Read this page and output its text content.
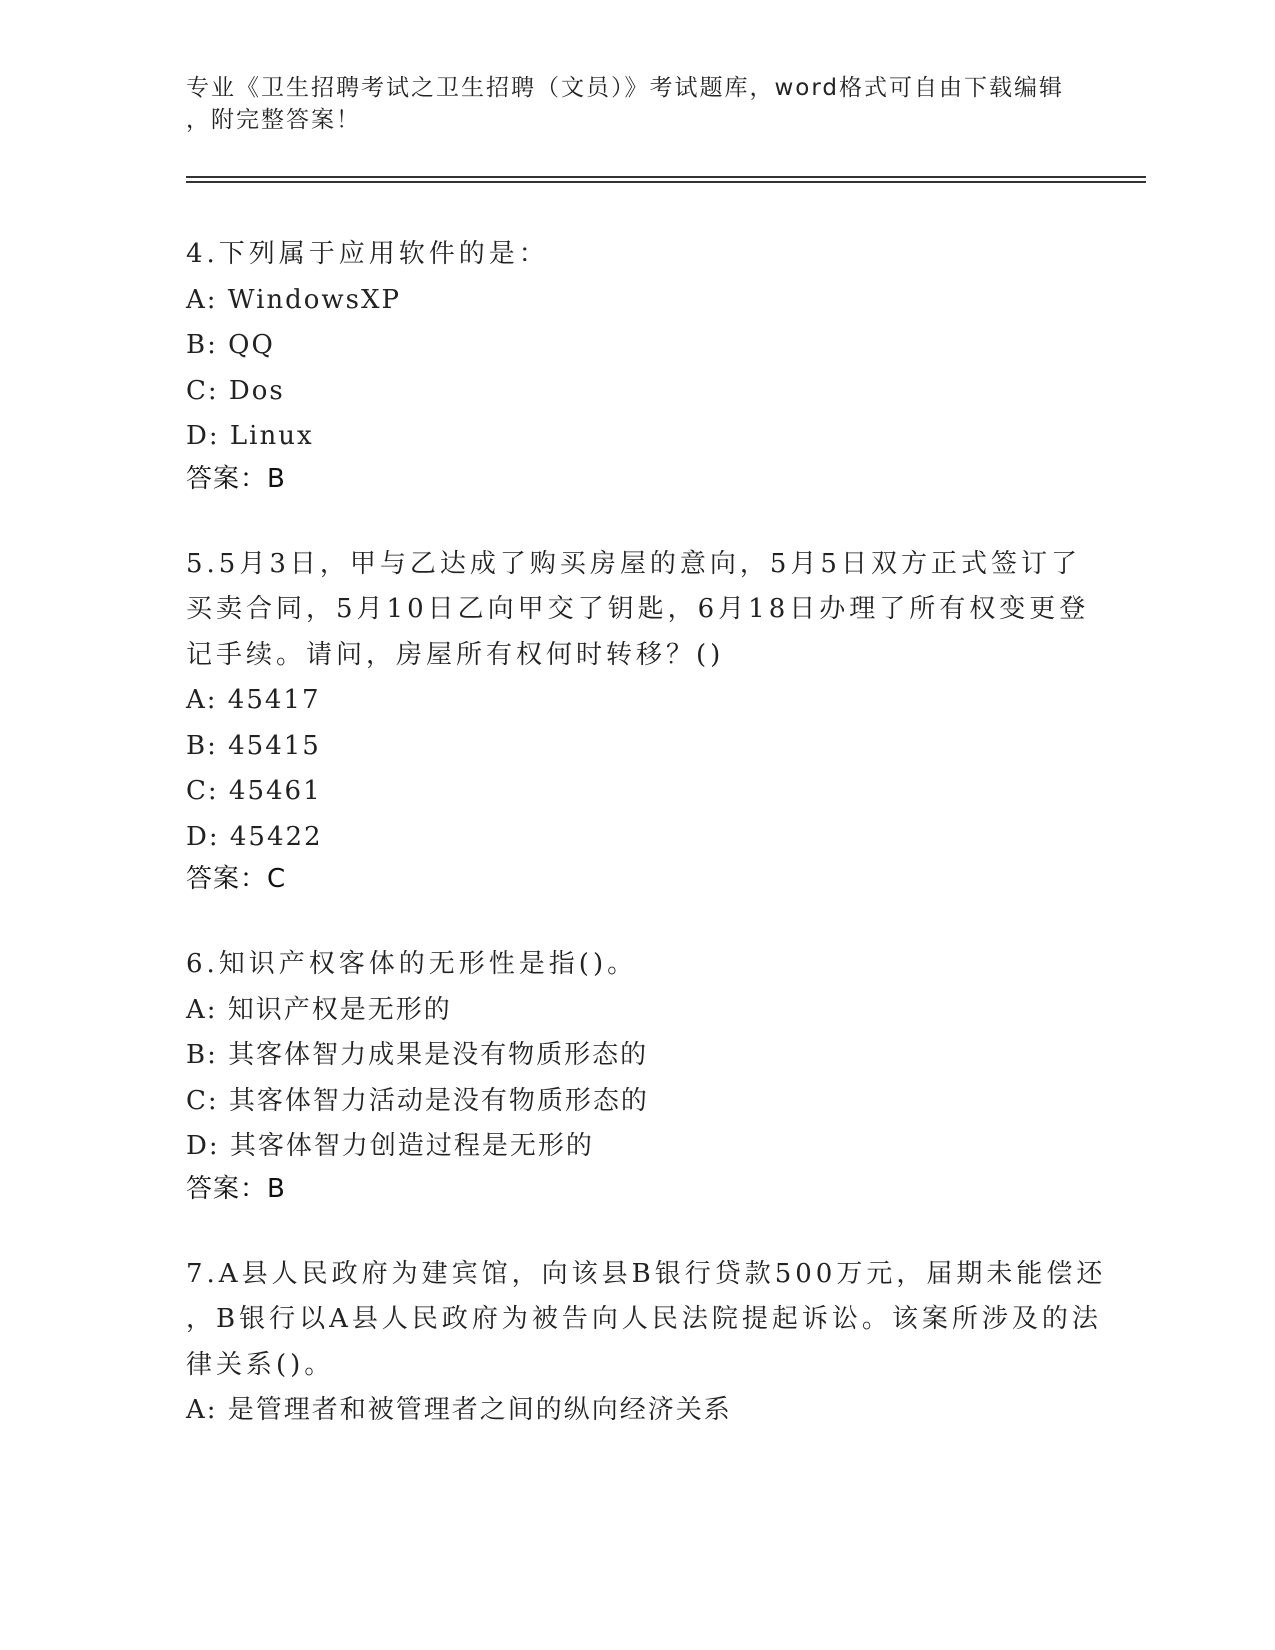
专业《卫生招聘考试之卫生招聘（文员）》考试题库，word格式可自由下载编辑
，附完整答案！
4.下列属于应用软件的是：
A: WindowsXP
B: QQ
C: Dos
D: Linux
答案：B
5.5月3日，甲与乙达成了购买房屋的意向，5月5日双方正式签订了
买卖合同，5月10日乙向甲交了钥匙，6月18日办理了所有权变更登
记手续。请问，房屋所有权何时转移？()
A: 45417
B: 45415
C: 45461
D: 45422
答案：C
6.知识产权客体的无形性是指()。
A: 知识产权是无形的
B: 其客体智力成果是没有物质形态的
C: 其客体智力活动是没有物质形态的
D: 其客体智力创造过程是无形的
答案：B
7.A县人民政府为建宾馆，向该县B银行贷款500万元，届期未能偿还
，B银行以A县人民政府为被告向人民法院提起诉讼。该案所涉及的法
律关系()。
A: 是管理者和被管理者之间的纵向经济关系
